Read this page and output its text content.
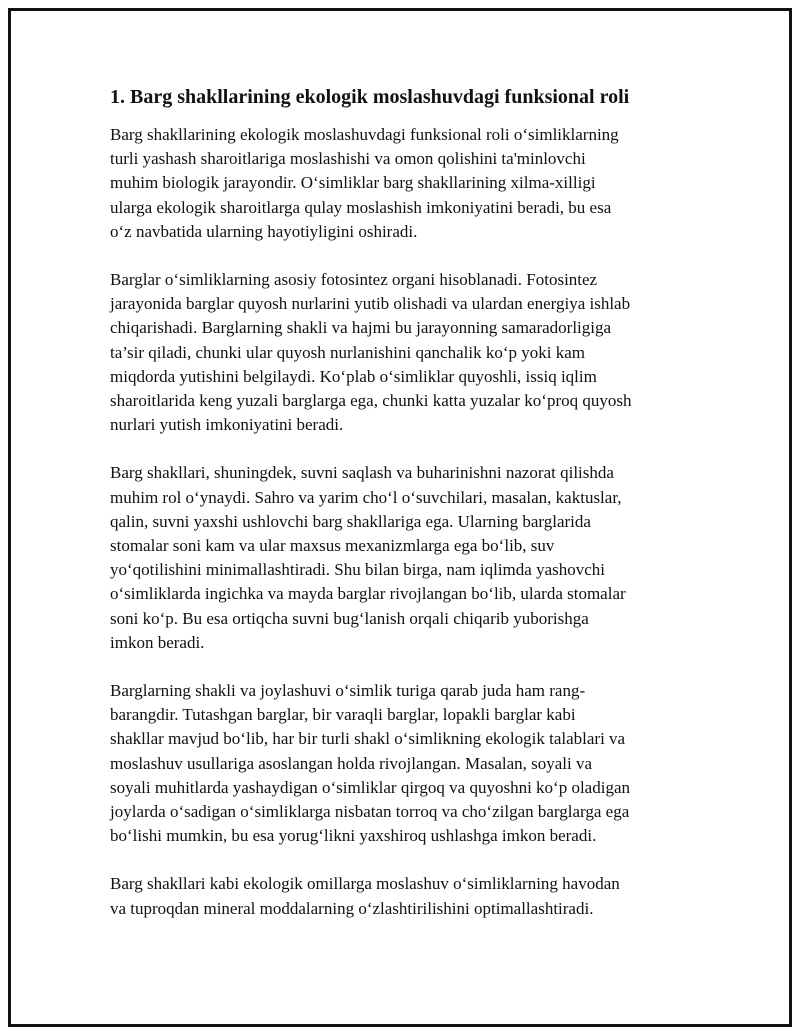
1. Barg shakllarining ekologik moslashuvdagi funksional roli
Barg shakllarining ekologik moslashuvdagi funksional roli o‘simliklarning
turli yashash sharoitlariga moslashishi va omon qolishini ta'minlovchi
muhim biologik jarayondir. O‘simliklar barg shakllarining xilma-xilligi
ularga ekologik sharoitlarga qulay moslashish imkoniyatini beradi, bu esa
o‘z navbatida ularning hayotiyligini oshiradi.
Barglar o‘simliklarning asosiy fotosintez organi hisoblanadi. Fotosintez
jarayonida barglar quyosh nurlarini yutib olishadi va ulardan energiya ishlab
chiqarishadi. Barglarning shakli va hajmi bu jarayonning samaradorligiga
ta’sir qiladi, chunki ular quyosh nurlanishini qanchalik ko‘p yoki kam
miqdorda yutishini belgilaydi. Ko‘plab o‘simliklar quyoshli, issiq iqlim
sharoitlarida keng yuzali barglarga ega, chunki katta yuzalar ko‘proq quyosh
nurlari yutish imkoniyatini beradi.
Barg shakllari, shuningdek, suvni saqlash va buharinishni nazorat qilishda
muhim rol o‘ynaydi. Sahro va yarim cho‘l o‘suvchilari, masalan, kaktuslar,
qalin, suvni yaxshi ushlovchi barg shakllariga ega. Ularning barglarida
stomalar soni kam va ular maxsus mexanizmlarga ega bo‘lib, suv
yo‘qotilishini minimallashtiradi. Shu bilan birga, nam iqlimda yashovchi
o‘simliklarda ingichka va mayda barglar rivojlangan bo‘lib, ularda stomalar
soni ko‘p. Bu esa ortiqcha suvni bug‘lanish orqali chiqarib yuborishga
imkon beradi.
Barglarning shakli va joylashuvi o‘simlik turiga qarab juda ham rang-
barangdir. Tutashgan barglar, bir varaqli barglar, lopakli barglar kabi
shakllar mavjud bo‘lib, har bir turli shakl o‘simlikning ekologik talablari va
moslashuv usullariga asoslangan holda rivojlangan. Masalan, soyali va
soyali muhitlarda yashaydigan o‘simliklar qirgoq va quyoshni ko‘p oladigan
joylarda o‘sadigan o‘simliklarga nisbatan torroq va cho‘zilgan barglarga ega
bo‘lishi mumkin, bu esa yorug‘likni yaxshiroq ushlashga imkon beradi.
Barg shakllari kabi ekologik omillarga moslashuv o‘simliklarning havodan
va tuproqdan mineral moddalarning o‘zlashtirilishini optimallashtiradi.
